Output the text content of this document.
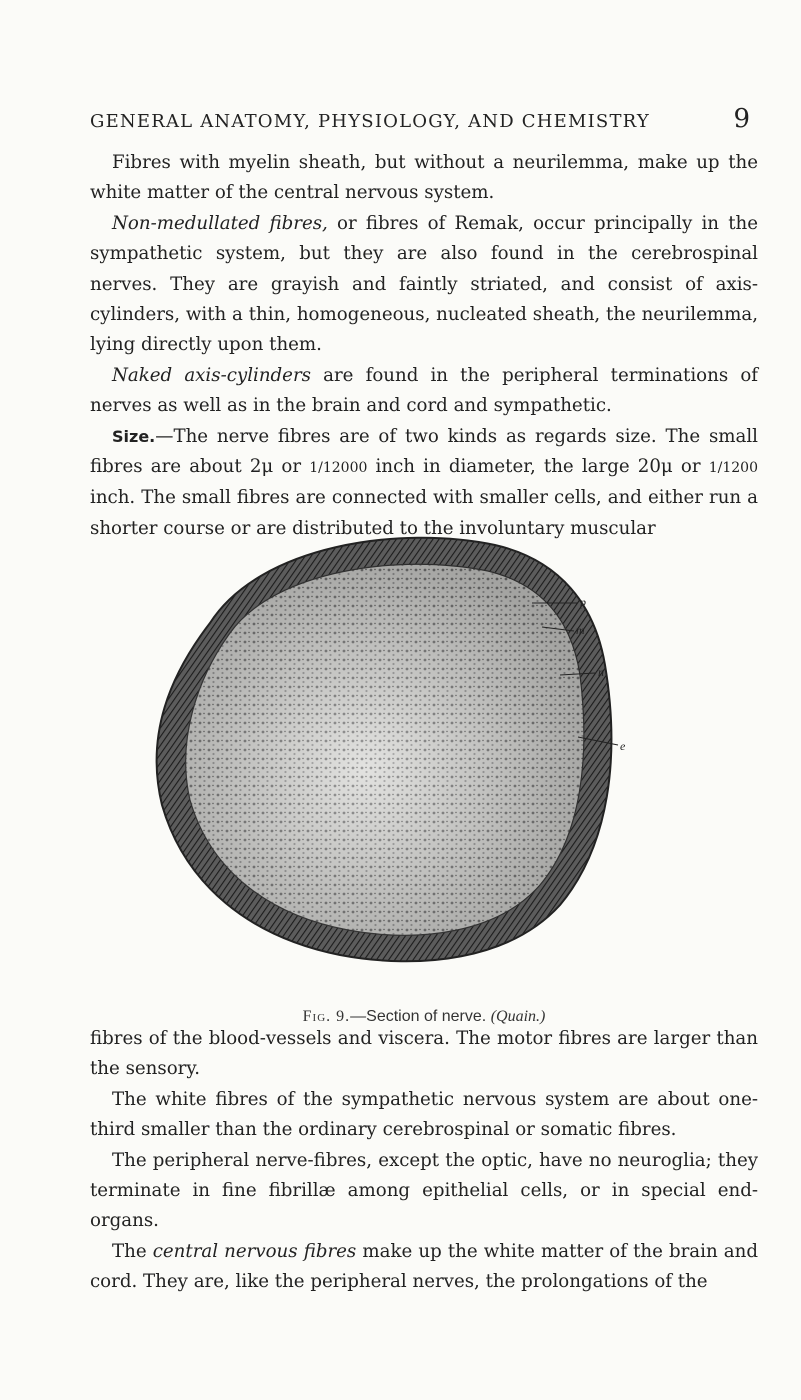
GENERAL ANATOMY, PHYSIOLOGY, AND CHEMISTRY	9

Fibres with myelin sheath, but without a neurilemma, make up the white matter of the central nervous system.

Non-medullated fibres, or fibres of Remak, occur principally in the sympathetic system, but they are also found in the cerebrospinal nerves. They are grayish and faintly striated, and consist of axis-cylinders, with a thin, homogeneous, nucleated sheath, the neurilemma, lying directly upon them.

Naked axis-cylinders are found in the peripheral terminations of nerves as well as in the brain and cord and sympathetic.

Size.—The nerve fibres are of two kinds as regards size. The small fibres are about 2μ or 1/12000 inch in diameter, the large 20μ or 1/1200 inch. The small fibres are connected with smaller cells, and either run a shorter course or are distributed to the involuntary muscular

p
m
n
e
Fig. 9.—Section of nerve. (Quain.)

fibres of the blood-vessels and viscera. The motor fibres are larger than the sensory.

The white fibres of the sympathetic nervous system are about one-third smaller than the ordinary cerebrospinal or somatic fibres.

The peripheral nerve-fibres, except the optic, have no neuroglia; they terminate in fine fibrillæ among epithelial cells, or in special end-organs.

The central nervous fibres make up the white matter of the brain and cord. They are, like the peripheral nerves, the prolongations of the
